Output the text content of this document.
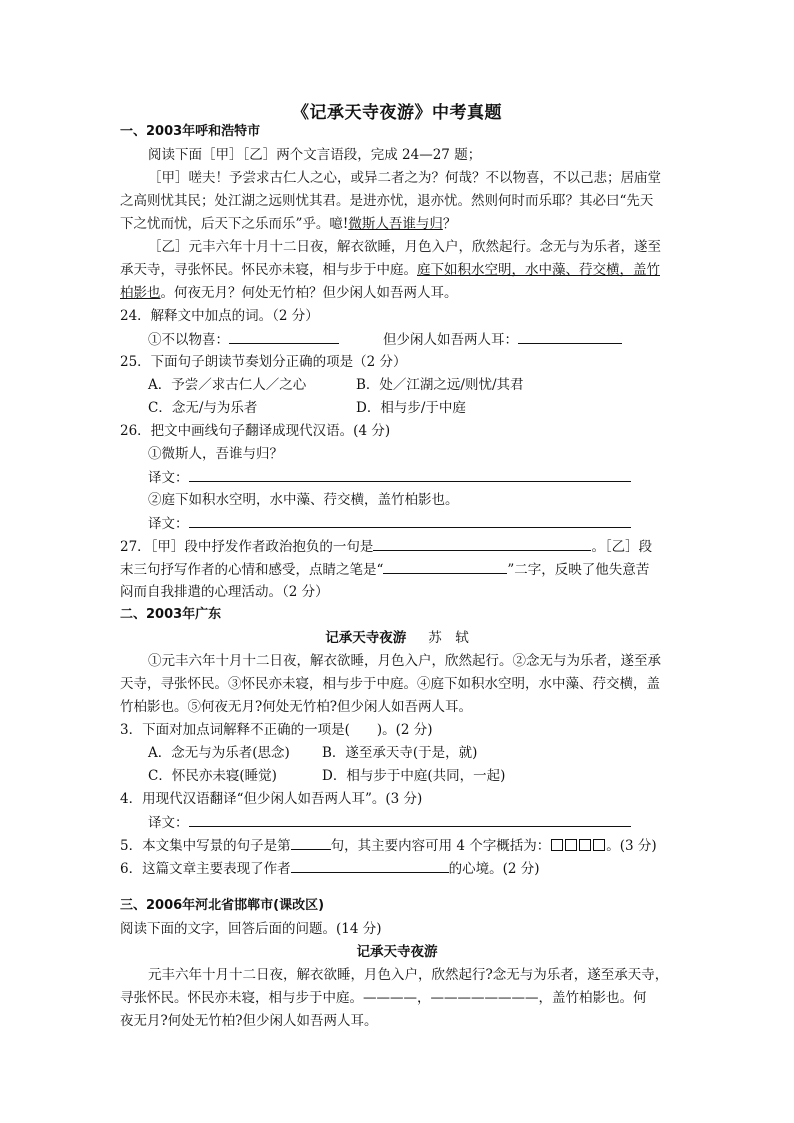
《记承天寺夜游》中考真题
一、2003年呼和浩特市
阅读下面［甲］［乙］两个文言语段，完成 24—27 题；
［甲］嗟夫！予尝求古仁人之心，或异二者之为？何哉？不以物喜，不以己悲；居庙堂
之高则忧其民；处江湖之远则忧其君。是进亦忧，退亦忧。然则何时而乐耶？其必曰“先天
下之忧而忧，后天下之乐而乐”乎。噫!微斯人吾谁与归？
［乙］元丰六年十月十二日夜，解衣欲睡，月色入户，欣然起行。念无与为乐者，遂至
承天寺，寻张怀民。怀民亦未寝，相与步于中庭。庭下如积水空明，水中藻、荇交横，盖竹
柏影也。何夜无月？何处无竹柏？但少闲人如吾两人耳。
24．解释文中加点的词。（2 分）
①不以物喜：	但少闲人如吾两人耳：
25．下面句子朗读节奏划分正确的项是（2 分）
A．予尝／求古仁人／之心	B．处／江湖之远/则忧/其君
C．念无/与为乐者	D．相与步/于中庭
26．把文中画线句子翻译成现代汉语。(4 分)
①微斯人，吾谁与归？
译文：
②庭下如积水空明，水中藻、荇交横，盖竹柏影也。
译文：
27．［甲］段中抒发作者政治抱负的一句是	。［乙］段
末三句抒写作者的心情和感受，点睛之笔是“	”二字，反映了他失意苦
闷而自我排遣的心理活动。（2 分）
二、2003年广东
记承天寺夜游 苏　轼
①元丰六年十月十二日夜，解衣欲睡，月色入户，欣然起行。②念无与为乐者，遂至承
天寺，寻张怀民。③怀民亦未寝，相与步于中庭。④庭下如积水空明，水中藻、荇交横，盖
竹柏影也。⑤何夜无月?何处无竹柏?但少闲人如吾两人耳。
3．下面对加点词解释不正确的一项是(　　)。(2 分)
A．念无与为乐者(思念) B．遂至承天寺(于是，就)
C．怀民亦未寝(睡觉)	D．相与步于中庭(共同，一起)
4．用现代汉语翻译“但少闲人如吾两人耳”。(3 分)
译文：
5．本文集中写景的句子是第	句，其主要内容可用 4 个字概括为：	。(3 分)
6．这篇文章主要表现了作者	的心境。(2 分)
三、2006年河北省邯郸市(课改区)
阅读下面的文字，回答后面的问题。(14 分)
记承天寺夜游
元丰六年十月十二日夜，解衣欲睡，月色入户，欣然起行?念无与为乐者，遂至承天寺，
寻张怀民。怀民亦未寝，相与步于中庭。————，————————，盖竹柏影也。何
夜无月?何处无竹柏?但少闲人如吾两人耳。
